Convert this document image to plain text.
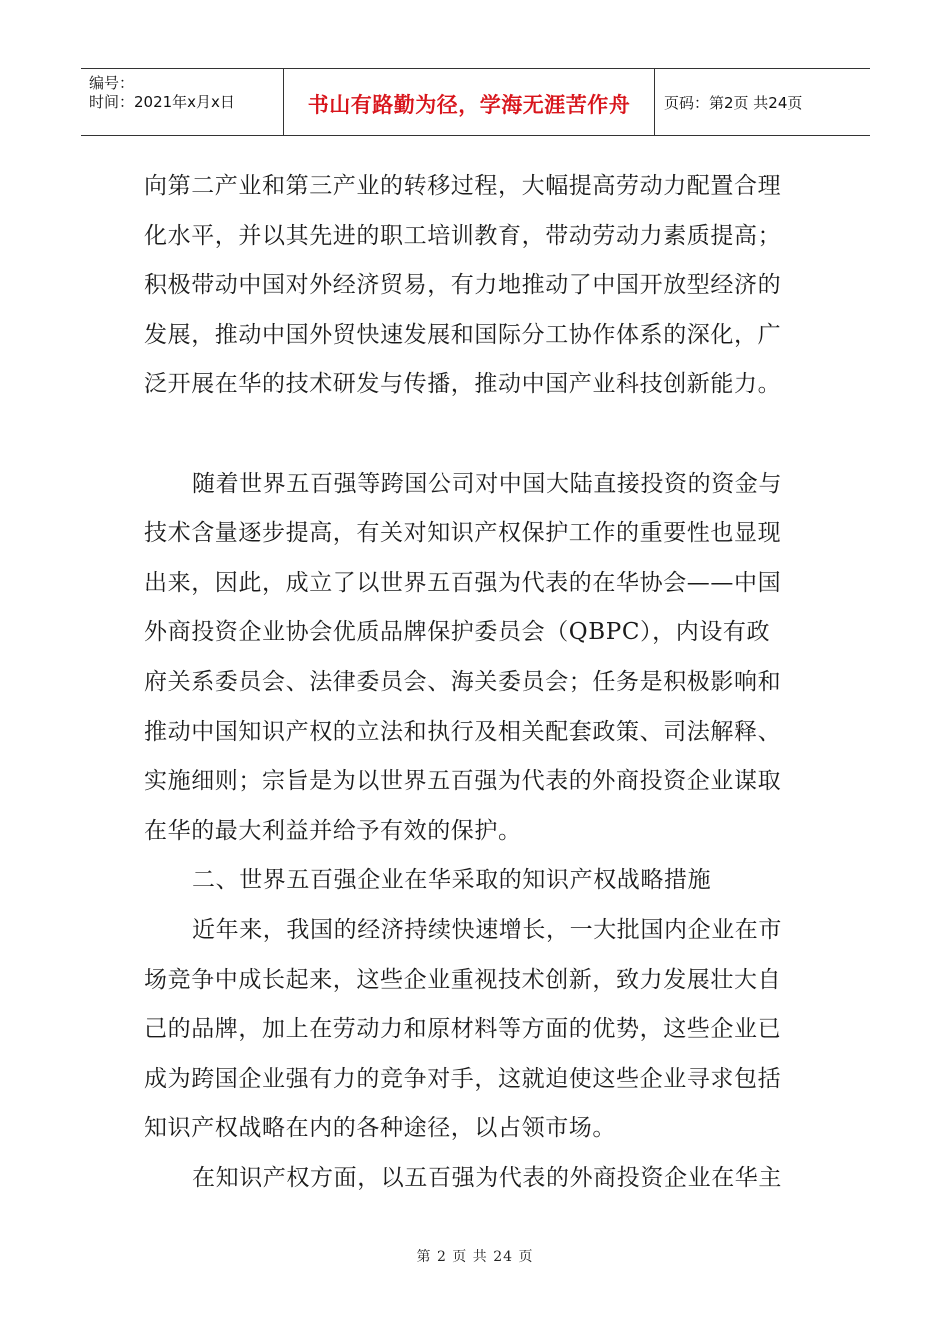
编号：
时间：2021年x月x日	书山有路勤为径，学海无涯苦作舟 页码：第2页 共24页
向第二产业和第三产业的转移过程，大幅提高劳动力配置合理
化水平，并以其先进的职工培训教育，带动劳动力素质提高；
积极带动中国对外经济贸易，有力地推动了中国开放型经济的
发展，推动中国外贸快速发展和国际分工协作体系的深化，广
泛开展在华的技术研发与传播，推动中国产业科技创新能力。
随着世界五百强等跨国公司对中国大陆直接投资的资金与
技术含量逐步提高，有关对知识产权保护工作的重要性也显现
出来，因此，成立了以世界五百强为代表的在华协会——中国
外商投资企业协会优质品牌保护委员会（QBPC），内设有政
府关系委员会、法律委员会、海关委员会；任务是积极影响和
推动中国知识产权的立法和执行及相关配套政策、司法解释、
实施细则；宗旨是为以世界五百强为代表的外商投资企业谋取
在华的最大利益并给予有效的保护。
二、世界五百强企业在华采取的知识产权战略措施
近年来，我国的经济持续快速增长，一大批国内企业在市
场竞争中成长起来，这些企业重视技术创新，致力发展壮大自
己的品牌，加上在劳动力和原材料等方面的优势，这些企业已
成为跨国企业强有力的竞争对手，这就迫使这些企业寻求包括
知识产权战略在内的各种途径，以占领市场。
在知识产权方面，以五百强为代表的外商投资企业在华主
第 2 页 共 24 页
